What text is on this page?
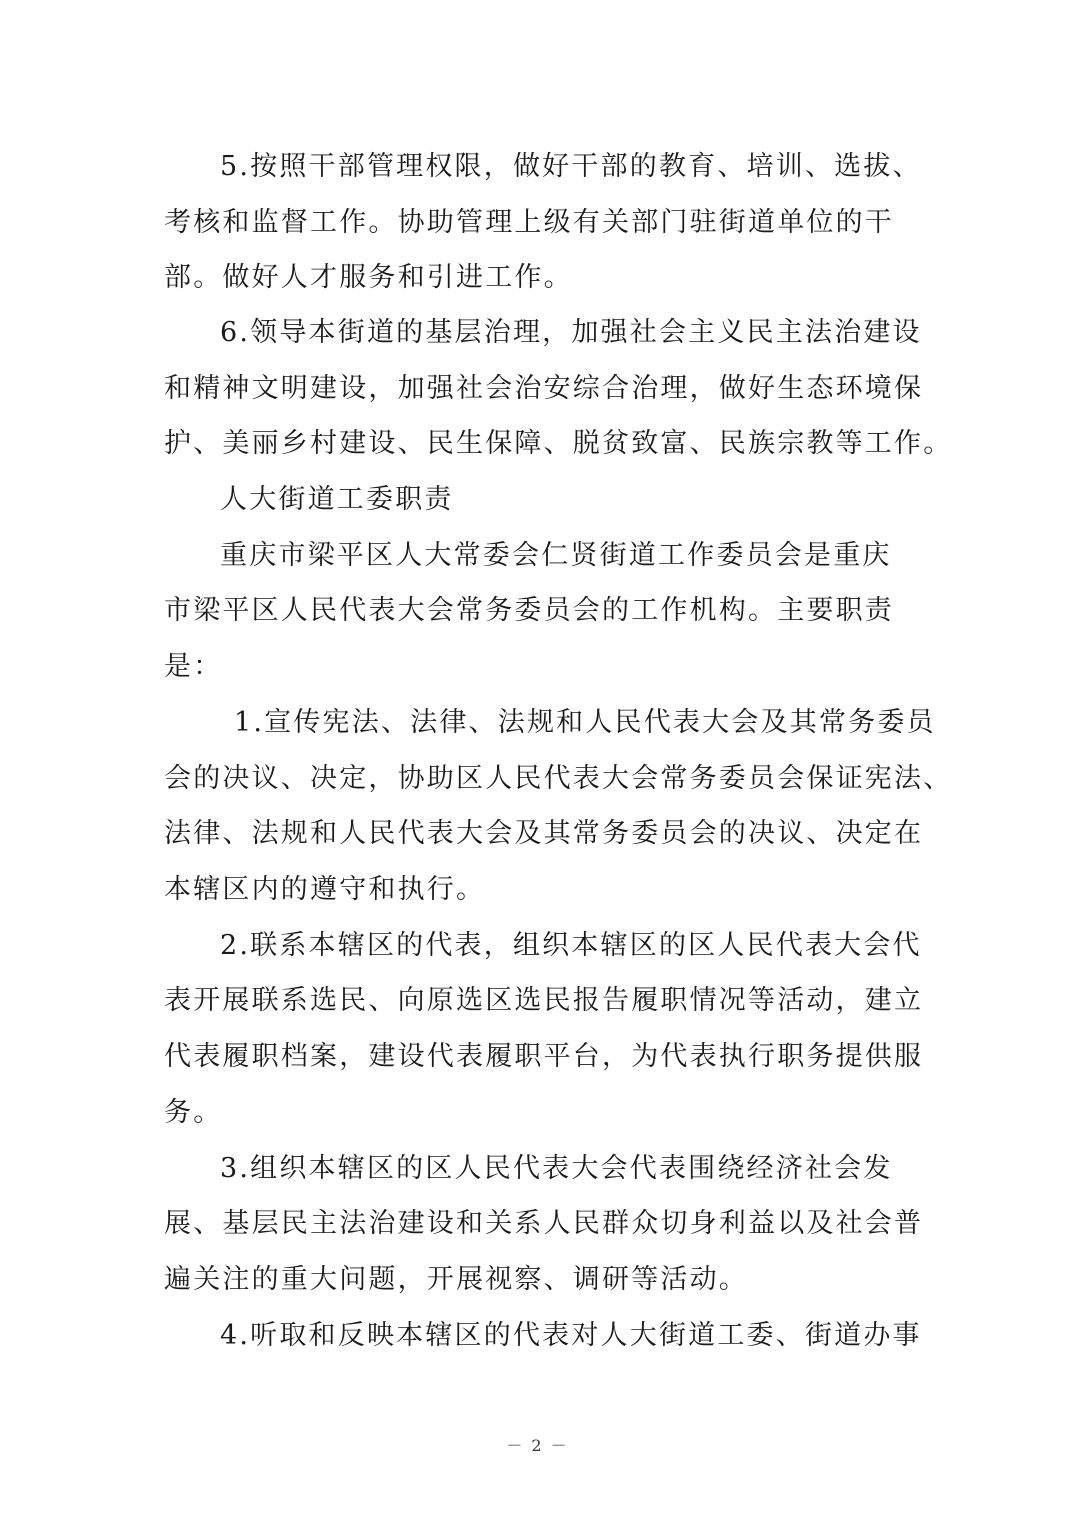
5.按照干部管理权限，做好干部的教育、培训、选拔、
考核和监督工作。协助管理上级有关部门驻街道单位的干
部。做好人才服务和引进工作。
6.领导本街道的基层治理，加强社会主义民主法治建设
和精神文明建设，加强社会治安综合治理，做好生态环境保
护、美丽乡村建设、民生保障、脱贫致富、民族宗教等工作。
人大街道工委职责
重庆市梁平区人大常委会仁贤街道工作委员会是重庆
市梁平区人民代表大会常务委员会的工作机构。主要职责
是：
1.宣传宪法、法律、法规和人民代表大会及其常务委员
会的决议、决定，协助区人民代表大会常务委员会保证宪法、
法律、法规和人民代表大会及其常务委员会的决议、决定在
本辖区内的遵守和执行。
2.联系本辖区的代表，组织本辖区的区人民代表大会代
表开展联系选民、向原选区选民报告履职情况等活动，建立
代表履职档案，建设代表履职平台，为代表执行职务提供服
务。
3.组织本辖区的区人民代表大会代表围绕经济社会发
展、基层民主法治建设和关系人民群众切身利益以及社会普
遍关注的重大问题，开展视察、调研等活动。
4.听取和反映本辖区的代表对人大街道工委、街道办事
－ 2 －
